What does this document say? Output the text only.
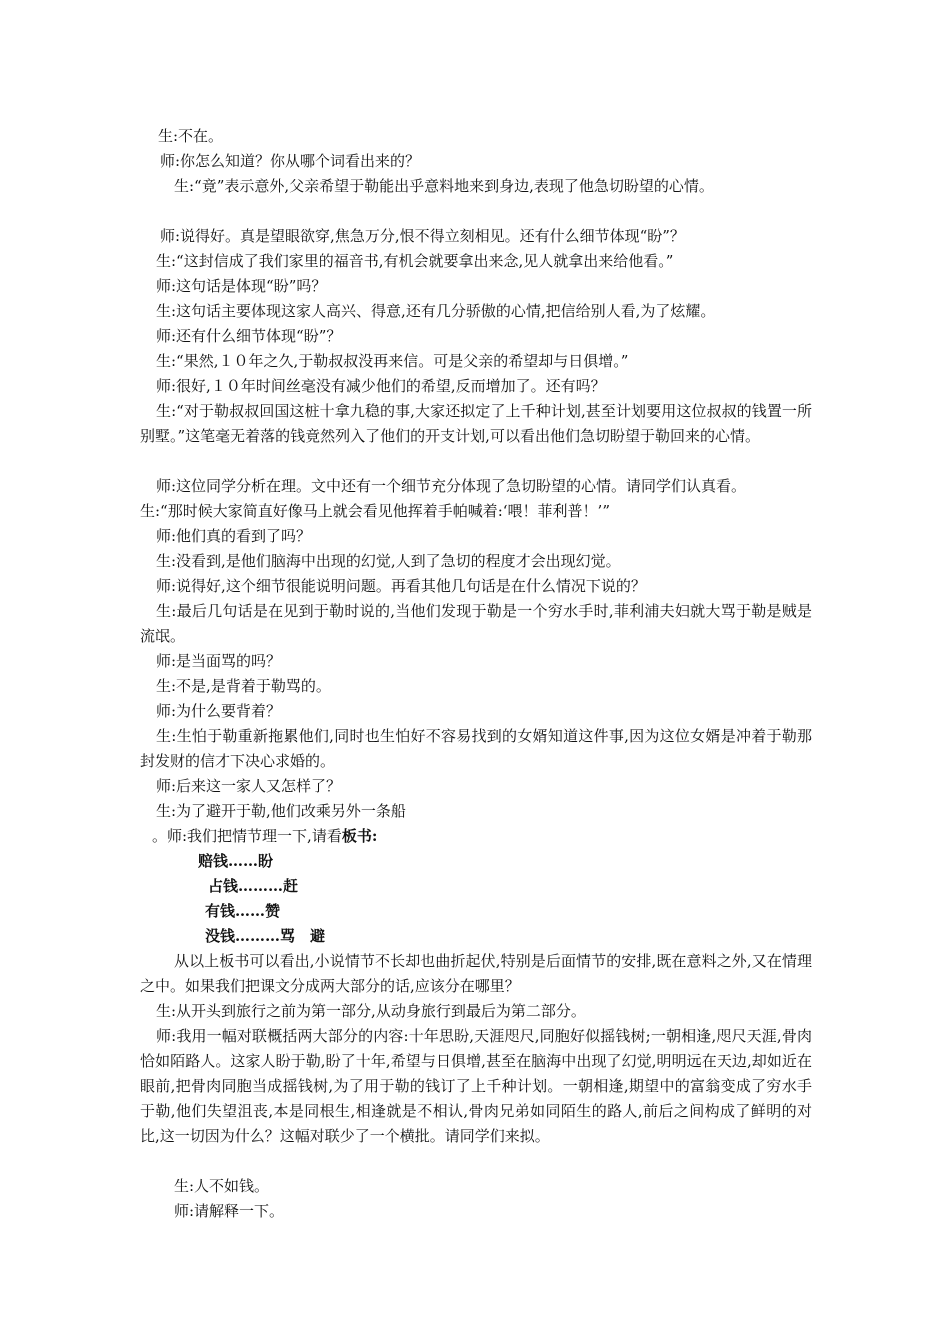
生:不在。

师:你怎么知道？你从哪个词看出来的？

生:“竟”表示意外,父亲希望于勒能出乎意料地来到身边,表现了他急切盼望的心情。

师:说得好。真是望眼欲穿,焦急万分,恨不得立刻相见。还有什么细节体现“盼”？

生:“这封信成了我们家里的福音书,有机会就要拿出来念,见人就拿出来给他看。”

师:这句话是体现“盼”吗？

生:这句话主要体现这家人高兴、得意,还有几分骄傲的心情,把信给别人看,为了炫耀。

师:还有什么细节体现“盼”？

生:“果然,１０年之久,于勒叔叔没再来信。可是父亲的希望却与日俱增。”

师:很好,１０年时间丝毫没有减少他们的希望,反而增加了。还有吗？

生:“对于勒叔叔回国这桩十拿九稳的事,大家还拟定了上千种计划,甚至计划要用这位叔叔的钱置一所别墅。”这笔毫无着落的钱竟然列入了他们的开支计划,可以看出他们急切盼望于勒回来的心情。

师:这位同学分析在理。文中还有一个细节充分体现了急切盼望的心情。请同学们认真看。

生:“那时候大家简直好像马上就会看见他挥着手帕喊着:‘喂！菲利普！’”

师:他们真的看到了吗？

生:没看到,是他们脑海中出现的幻觉,人到了急切的程度才会出现幻觉。

师:说得好,这个细节很能说明问题。再看其他几句话是在什么情况下说的？

生:最后几句话是在见到于勒时说的,当他们发现于勒是一个穷水手时,菲利浦夫妇就大骂于勒是贼是流氓。

师:是当面骂的吗？

生:不是,是背着于勒骂的。

师:为什么要背着？

生:生怕于勒重新拖累他们,同时也生怕好不容易找到的女婿知道这件事,因为这位女婿是冲着于勒那封发财的信才下决心求婚的。

师:后来这一家人又怎样了？

生:为了避开于勒,他们改乘另外一条船

。师:我们把情节理一下,请看板书:

赔钱……盼
占钱………赶
有钱……赞
没钱………骂　避

从以上板书可以看出,小说情节不长却也曲折起伏,特别是后面情节的安排,既在意料之外,又在情理之中。如果我们把课文分成两大部分的话,应该分在哪里？

生:从开头到旅行之前为第一部分,从动身旅行到最后为第二部分。

师:我用一幅对联概括两大部分的内容:十年思盼,天涯咫尺,同胞好似摇钱树;一朝相逢,咫尺天涯,骨肉恰如陌路人。这家人盼于勒,盼了十年,希望与日俱增,甚至在脑海中出现了幻觉,明明远在天边,却如近在眼前,把骨肉同胞当成摇钱树,为了用于勒的钱订了上千种计划。一朝相逢,期望中的富翁变成了穷水手于勒,他们失望沮丧,本是同根生,相逢就是不相认,骨肉兄弟如同陌生的路人,前后之间构成了鲜明的对比,这一切因为什么？这幅对联少了一个横批。请同学们来拟。

生:人不如钱。

师:请解释一下。
